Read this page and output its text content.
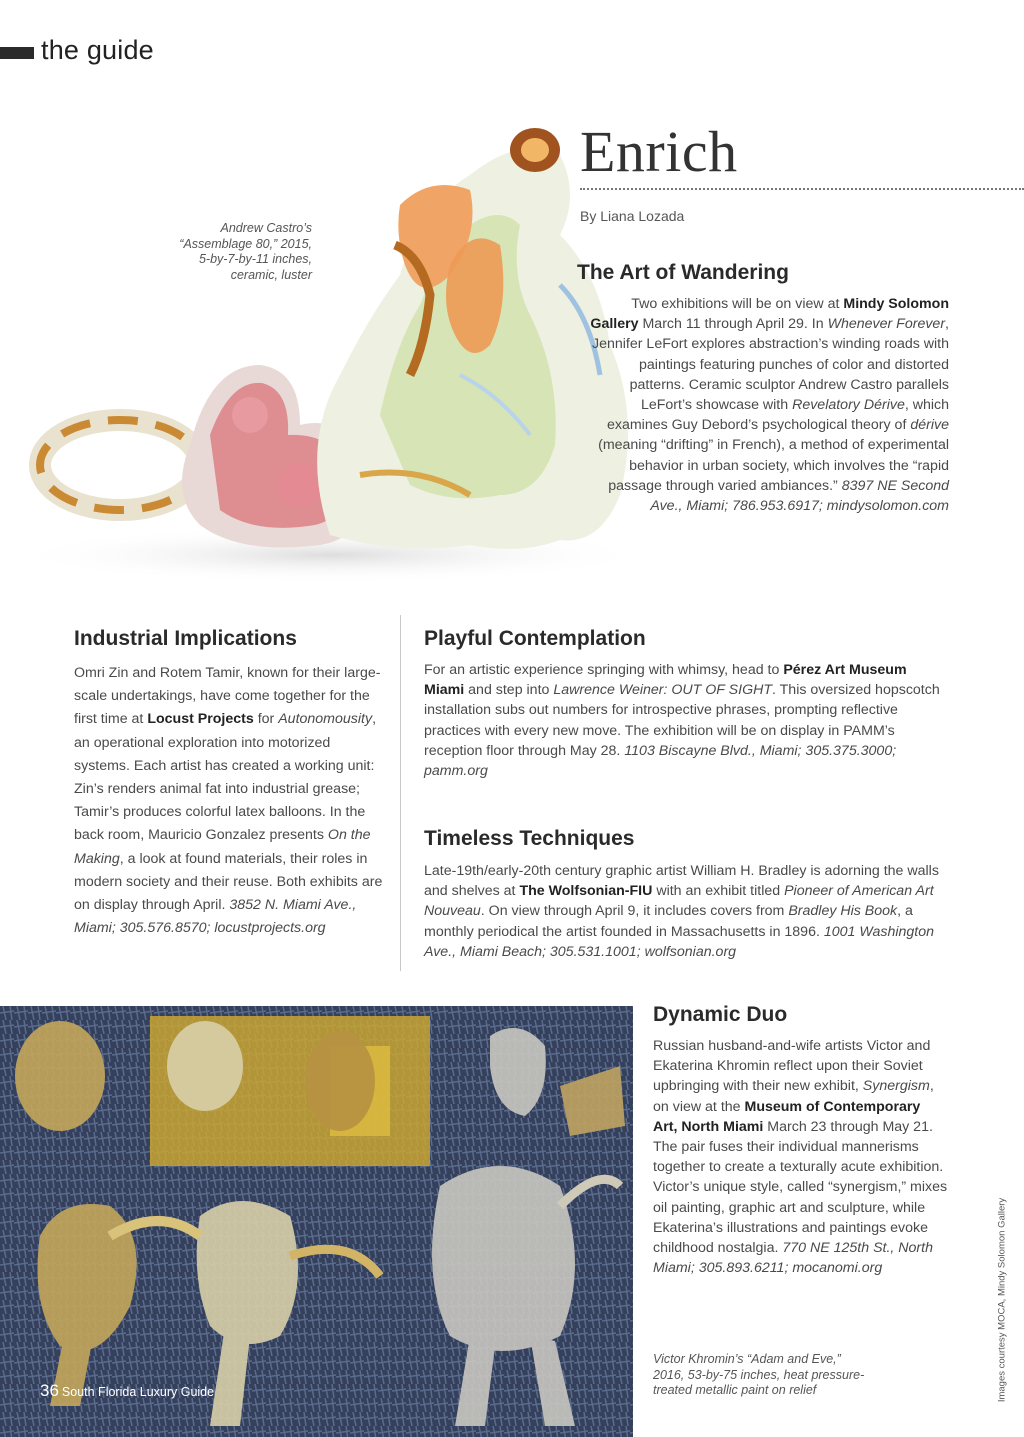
the guide
Andrew Castro’s
“Assemblage 80,” 2015,
5-by-7-by-11 inches,
ceramic, luster
Enrich
By Liana Lozada
The Art of Wandering
Two exhibitions will be on view at Mindy Solomon Gallery March 11 through April 29. In Whenever Forever, Jennifer LeFort explores abstraction’s winding roads with paintings featuring punches of color and distorted patterns. Ceramic sculptor Andrew Castro parallels LeFort’s showcase with Revelatory Dérive, which examines Guy Debord’s psychological theory of dérive (meaning “drifting” in French), a method of experimental behavior in urban society, which involves the “rapid passage through varied ambiances.” 8397 NE Second Ave., Miami; 786.953.6917; mindysolomon.com
Industrial Implications
Omri Zin and Rotem Tamir, known for their large-scale undertakings, have come together for the first time at Locust Projects for Autonomousity, an operational exploration into motorized systems. Each artist has created a working unit: Zin’s renders animal fat into industrial grease; Tamir’s produces colorful latex balloons. In the back room, Mauricio Gonzalez presents On the Making, a look at found materials, their roles in modern society and their reuse. Both exhibits are on display through April. 3852 N. Miami Ave., Miami; 305.576.8570; locustprojects.org
Playful Contemplation
For an artistic experience springing with whimsy, head to Pérez Art Museum Miami and step into Lawrence Weiner: OUT OF SIGHT. This oversized hopscotch installation subs out numbers for introspective phrases, prompting reflective practices with every new move. The exhibition will be on display in PAMM’s reception floor through May 28. 1103 Biscayne Blvd., Miami; 305.375.3000; pamm.org
Timeless Techniques
Late-19th/early-20th century graphic artist William H. Bradley is adorning the walls and shelves at The Wolfsonian-FIU with an exhibit titled Pioneer of American Art Nouveau. On view through April 9, it includes covers from Bradley His Book, a monthly periodical the artist founded in Massachusetts in 1896. 1001 Washington Ave., Miami Beach; 305.531.1001; wolfsonian.org
36 South Florida Luxury Guide
Dynamic Duo
Russian husband-and-wife artists Victor and Ekaterina Khromin reflect upon their Soviet upbringing with their new exhibit, Synergism, on view at the Museum of Contemporary Art, North Miami March 23 through May 21. The pair fuses their individual mannerisms together to create a texturally acute exhibition. Victor’s unique style, called “synergism,” mixes oil painting, graphic art and sculpture, while Ekaterina’s illustrations and paintings evoke childhood nostalgia. 770 NE 125th St., North Miami; 305.893.6211; mocanomi.org
Victor Khromin’s “Adam and Eve,”
2016, 53-by-75 inches, heat pressure-
treated metallic paint on relief	Images courtesy MOCA, Mindy Solomon Gallery
